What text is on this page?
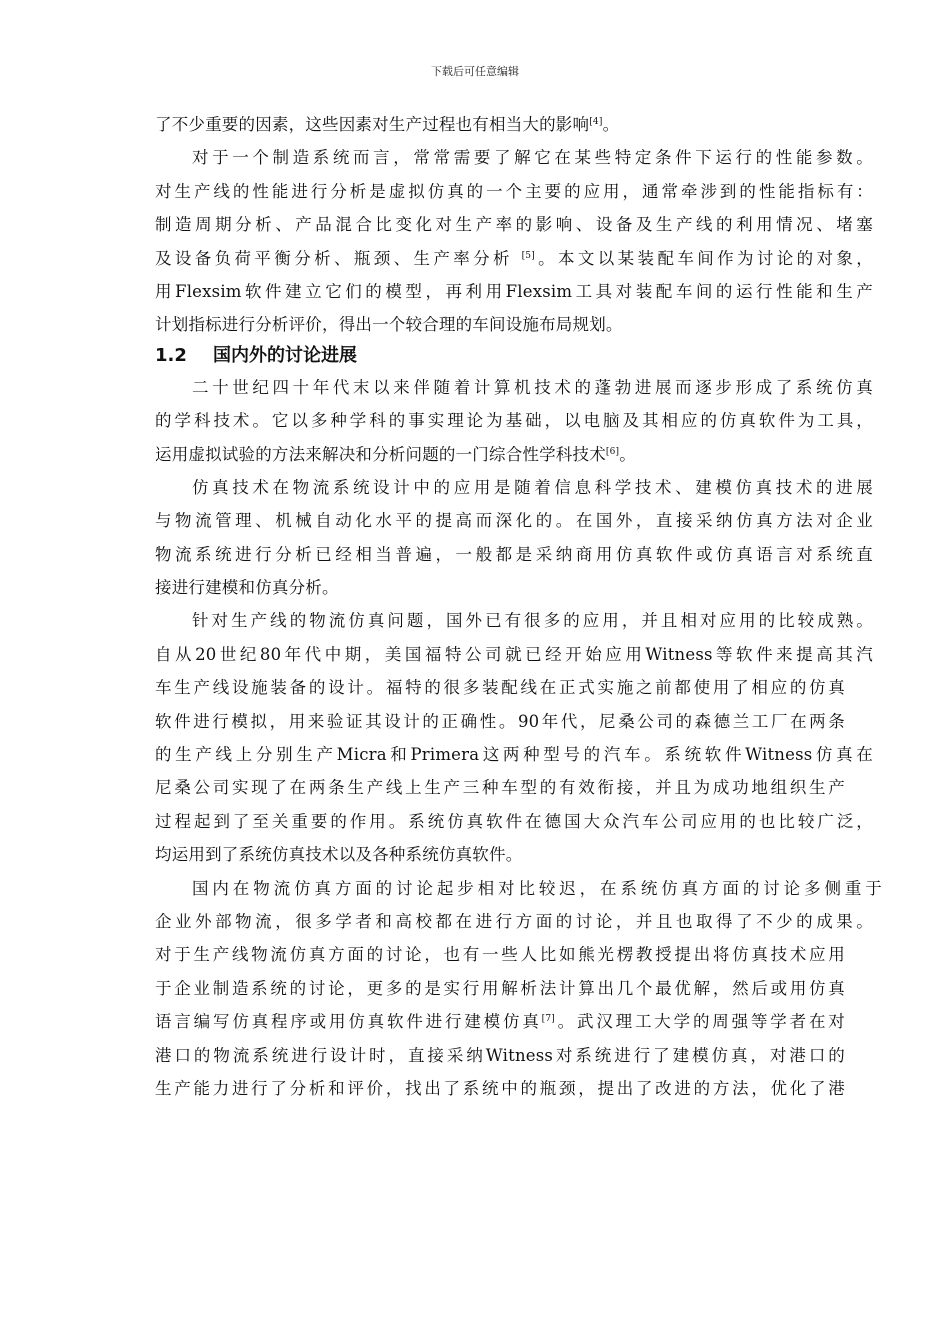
下载后可任意编辑
了不少重要的因素，这些因素对生产过程也有相当大的影响[4]。
对于一个制造系统而言，常常需要了解它在某些特定条件下运行的性能参数。
对生产线的性能进行分析是虚拟仿真的一个主要的应用，通常牵涉到的性能指标有：
制造周期分析、产品混合比变化对生产率的影响、设备及生产线的利用情况、堵塞
及设备负荷平衡分析、瓶颈、生产率分析 [5]。本文以某装配车间作为讨论的对象，
用Flexsim软件建立它们的模型，再利用Flexsim工具对装配车间的运行性能和生产
计划指标进行分析评价，得出一个较合理的车间设施布局规划。
1.2 国内外的讨论进展
二十世纪四十年代末以来伴随着计算机技术的蓬勃进展而逐步形成了系统仿真
的学科技术。它以多种学科的事实理论为基础，以电脑及其相应的仿真软件为工具，
运用虚拟试验的方法来解决和分析问题的一门综合性学科技术[6]。
仿真技术在物流系统设计中的应用是随着信息科学技术、建模仿真技术的进展
与物流管理、机械自动化水平的提高而深化的。在国外，直接采纳仿真方法对企业
物流系统进行分析已经相当普遍，一般都是采纳商用仿真软件或仿真语言对系统直
接进行建模和仿真分析。
针对生产线的物流仿真问题，国外已有很多的应用，并且相对应用的比较成熟。
自从20世纪80年代中期，美国福特公司就已经开始应用Witness等软件来提高其汽
车生产线设施装备的设计。福特的很多装配线在正式实施之前都使用了相应的仿真
软件进行模拟，用来验证其设计的正确性。90年代，尼桑公司的森德兰工厂在两条
的生产线上分别生产Micra和Primera这两种型号的汽车。系统软件Witness仿真在
尼桑公司实现了在两条生产线上生产三种车型的有效衔接，并且为成功地组织生产
过程起到了至关重要的作用。系统仿真软件在德国大众汽车公司应用的也比较广泛，
均运用到了系统仿真技术以及各种系统仿真软件。
国内在物流仿真方面的讨论起步相对比较迟，在系统仿真方面的讨论多侧重于
企业外部物流，很多学者和高校都在进行方面的讨论，并且也取得了不少的成果。
对于生产线物流仿真方面的讨论，也有一些人比如熊光楞教授提出将仿真技术应用
于企业制造系统的讨论，更多的是实行用解析法计算出几个最优解，然后或用仿真
语言编写仿真程序或用仿真软件进行建模仿真[7]。武汉理工大学的周强等学者在对
港口的物流系统进行设计时，直接采纳Witness对系统进行了建模仿真，对港口的
生产能力进行了分析和评价，找出了系统中的瓶颈，提出了改进的方法，优化了港
